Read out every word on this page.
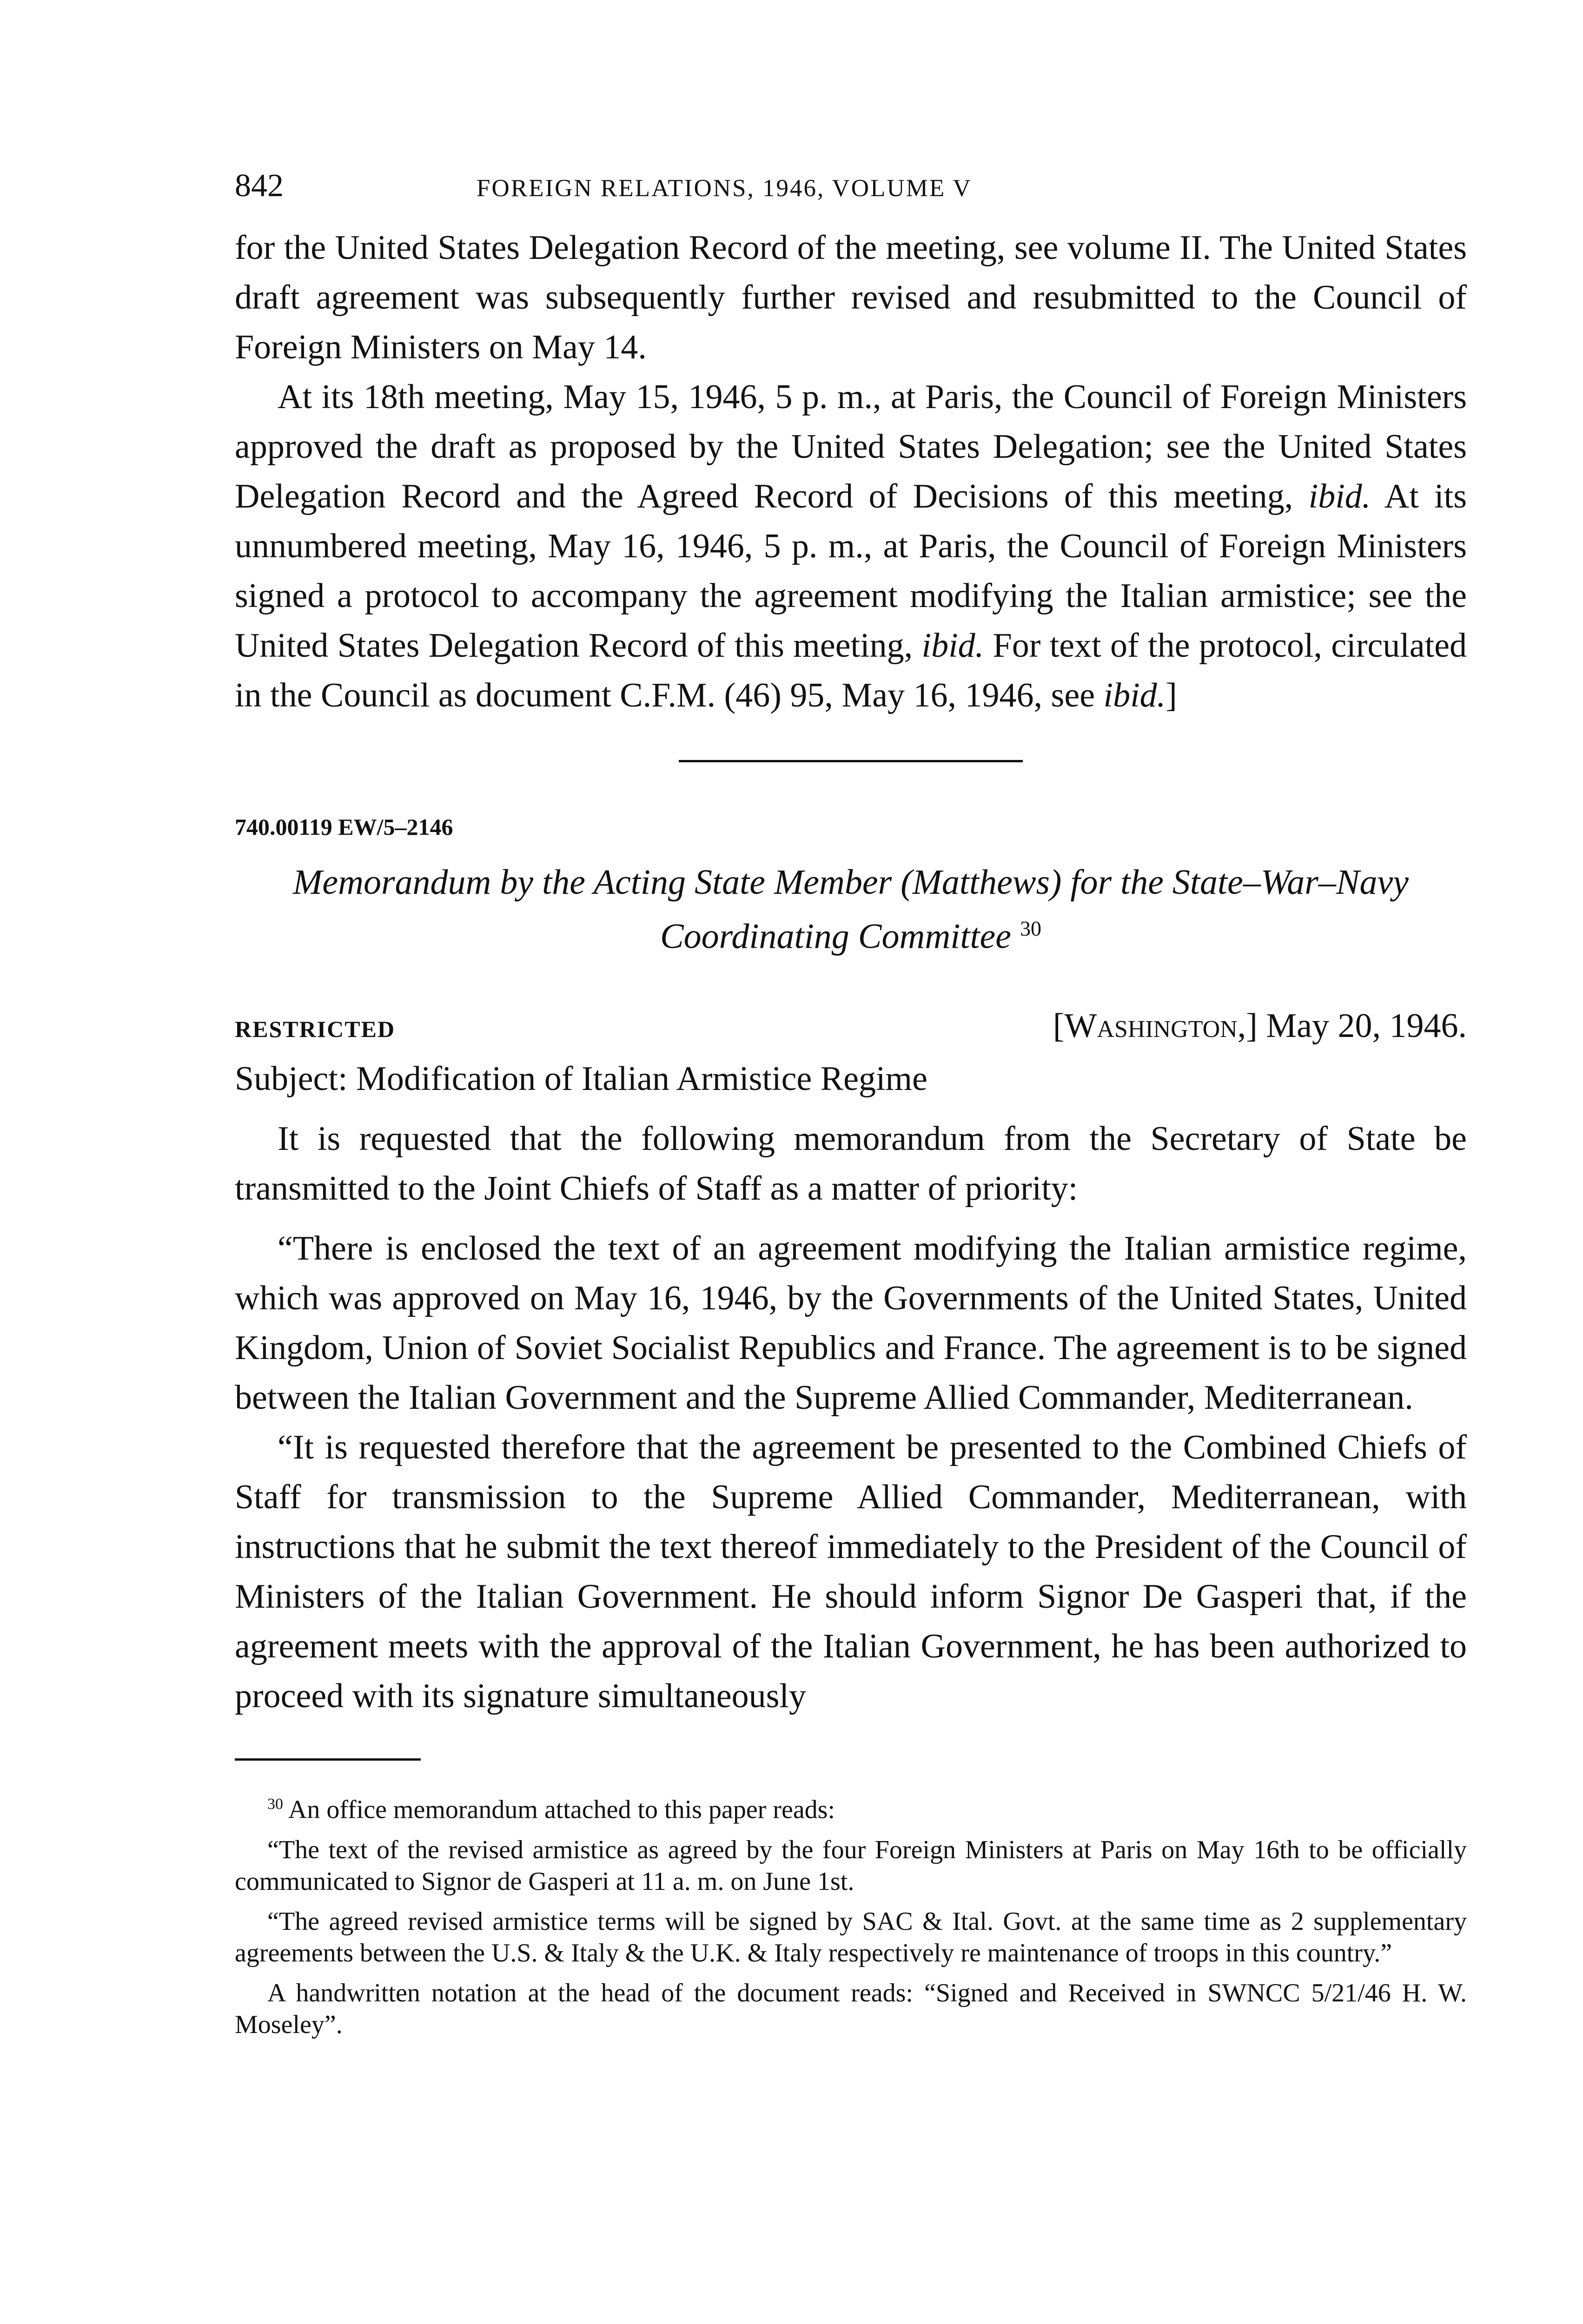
842	FOREIGN RELATIONS, 1946, VOLUME V

for the United States Delegation Record of the meeting, see volume II. The United States draft agreement was subsequently further revised and resubmitted to the Council of Foreign Ministers on May 14.

At its 18th meeting, May 15, 1946, 5 p. m., at Paris, the Council of Foreign Ministers approved the draft as proposed by the United States Delegation; see the United States Delegation Record and the Agreed Record of Decisions of this meeting, ibid. At its unnumbered meeting, May 16, 1946, 5 p. m., at Paris, the Council of Foreign Ministers signed a protocol to accompany the agreement modifying the Italian armistice; see the United States Delegation Record of this meeting, ibid. For text of the protocol, circulated in the Council as document C.F.M. (46) 95, May 16, 1946, see ibid.]

740.00119 EW/5–2146
Memorandum by the Acting State Member (Matthews) for the State–War–Navy Coordinating Committee $^{30}$
RESTRICTED	[Washington,] May 20, 1946.

Subject: Modification of Italian Armistice Regime

It is requested that the following memorandum from the Secretary of State be transmitted to the Joint Chiefs of Staff as a matter of priority:

“There is enclosed the text of an agreement modifying the Italian armistice regime, which was approved on May 16, 1946, by the Governments of the United States, United Kingdom, Union of Soviet Socialist Republics and France. The agreement is to be signed between the Italian Government and the Supreme Allied Commander, Mediterranean.

“It is requested therefore that the agreement be presented to the Combined Chiefs of Staff for transmission to the Supreme Allied Commander, Mediterranean, with instructions that he submit the text thereof immediately to the President of the Council of Ministers of the Italian Government. He should inform Signor De Gasperi that, if the agreement meets with the approval of the Italian Government, he has been authorized to proceed with its signature simultaneously

$^{30}$ An office memorandum attached to this paper reads:

“The text of the revised armistice as agreed by the four Foreign Ministers at Paris on May 16th to be officially communicated to Signor de Gasperi at 11 a. m. on June 1st.

“The agreed revised armistice terms will be signed by SAC & Ital. Govt. at the same time as 2 supplementary agreements between the U.S. & Italy & the U.K. & Italy respectively re maintenance of troops in this country.”

A handwritten notation at the head of the document reads: “Signed and Received in SWNCC 5/21/46 H. W. Moseley”.
